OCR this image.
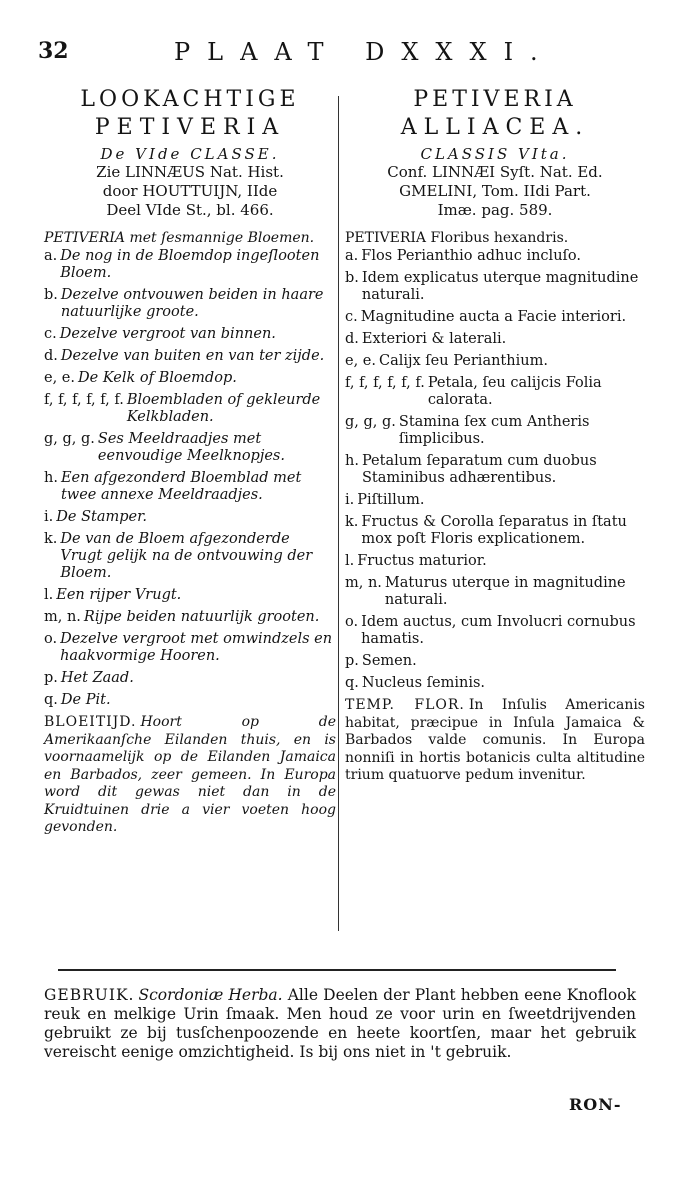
32	PLAAT DXXXI.
LOOKACHTIGE
PETIVERIA
De VIde CLASSE.
Zie LINNÆUS Nat. Hist.
door HOUTTUIJN, IIde
Deel VIde St., bl. 466.
PETIVERIA met ſesmannige Bloemen.
a. De nog in de Bloemdop ingeſlooten Bloem.
b. Dezelve ontvouwen beiden in haare natuurlijke groote.
c. Dezelve vergroot van binnen.
d. Dezelve van buiten en van ter zijde.
e, e. De Kelk of Bloemdop.
f, f, f, f, f, f. Bloembladen of gekleurde Kelkbladen.
g, g, g. Ses Meeldraadjes met eenvoudige Meelknopjes.
h. Een afgezonderd Bloemblad met twee annexe Meeldraadjes.
i. De Stamper.
k. De van de Bloem afgezonderde Vrugt gelijk na de ontvouwing der Bloem.
l. Een rijper Vrugt.
m, n. Rijpe beiden natuurlijk grooten.
o. Dezelve vergroot met omwindzels en haakvormige Hooren.
p. Het Zaad.
q. De Pit.
BLOEITIJD. Hoort op de Amerikaanſche Eilanden thuis, en is voornaamelijk op de Eilanden Jamaica en Barbados, zeer gemeen. In Europa word dit gewas niet dan in de Kruidtuinen drie a vier voeten hoog gevonden.
PETIVERIA
ALLIACEA.
CLASSIS VIta.
Conf. LINNÆI Syſt. Nat. Ed.
GMELINI, Tom. IIdi Part.
Imæ. pag. 589.
PETIVERIA Floribus hexandris.
a. Flos Perianthio adhuc incluſo.
b. Idem explicatus uterque magnitudine naturali.
c. Magnitudine aucta a Facie interiori.
d. Exteriori & laterali.
e, e. Calijx ſeu Perianthium.
f, f, f, f, f, f. Petala, ſeu calijcis Folia calorata.
g, g, g. Stamina ſex cum Antheris ſimplicibus.
h. Petalum ſeparatum cum duobus Staminibus adhærentibus.
i. Piſtillum.
k. Fructus & Corolla ſeparatus in ſtatu mox poſt Floris explicationem.
l. Fructus maturior.
m, n. Maturus uterque in magnitudine naturali.
o. Idem auctus, cum Involucri cornubus hamatis.
p. Semen.
q. Nucleus ſeminis.
TEMP. FLOR. In Inſulis Americanis habitat, præcipue in Inſula Jamaica & Barbados valde comunis. In Europa nonniſi in hortis botanicis culta altitudine trium quatuorve pedum invenitur.
GEBRUIK. Scordoniæ Herba. Alle Deelen der Plant hebben eene Knoflook reuk en melkige Urin ſmaak. Men houd ze voor urin en ſweetdrijvenden gebruikt ze bij tusſchenpoozende en heete koortſen, maar het gebruik vereischt eenige omzichtigheid. Is bij ons niet in 't gebruik.
RON-
